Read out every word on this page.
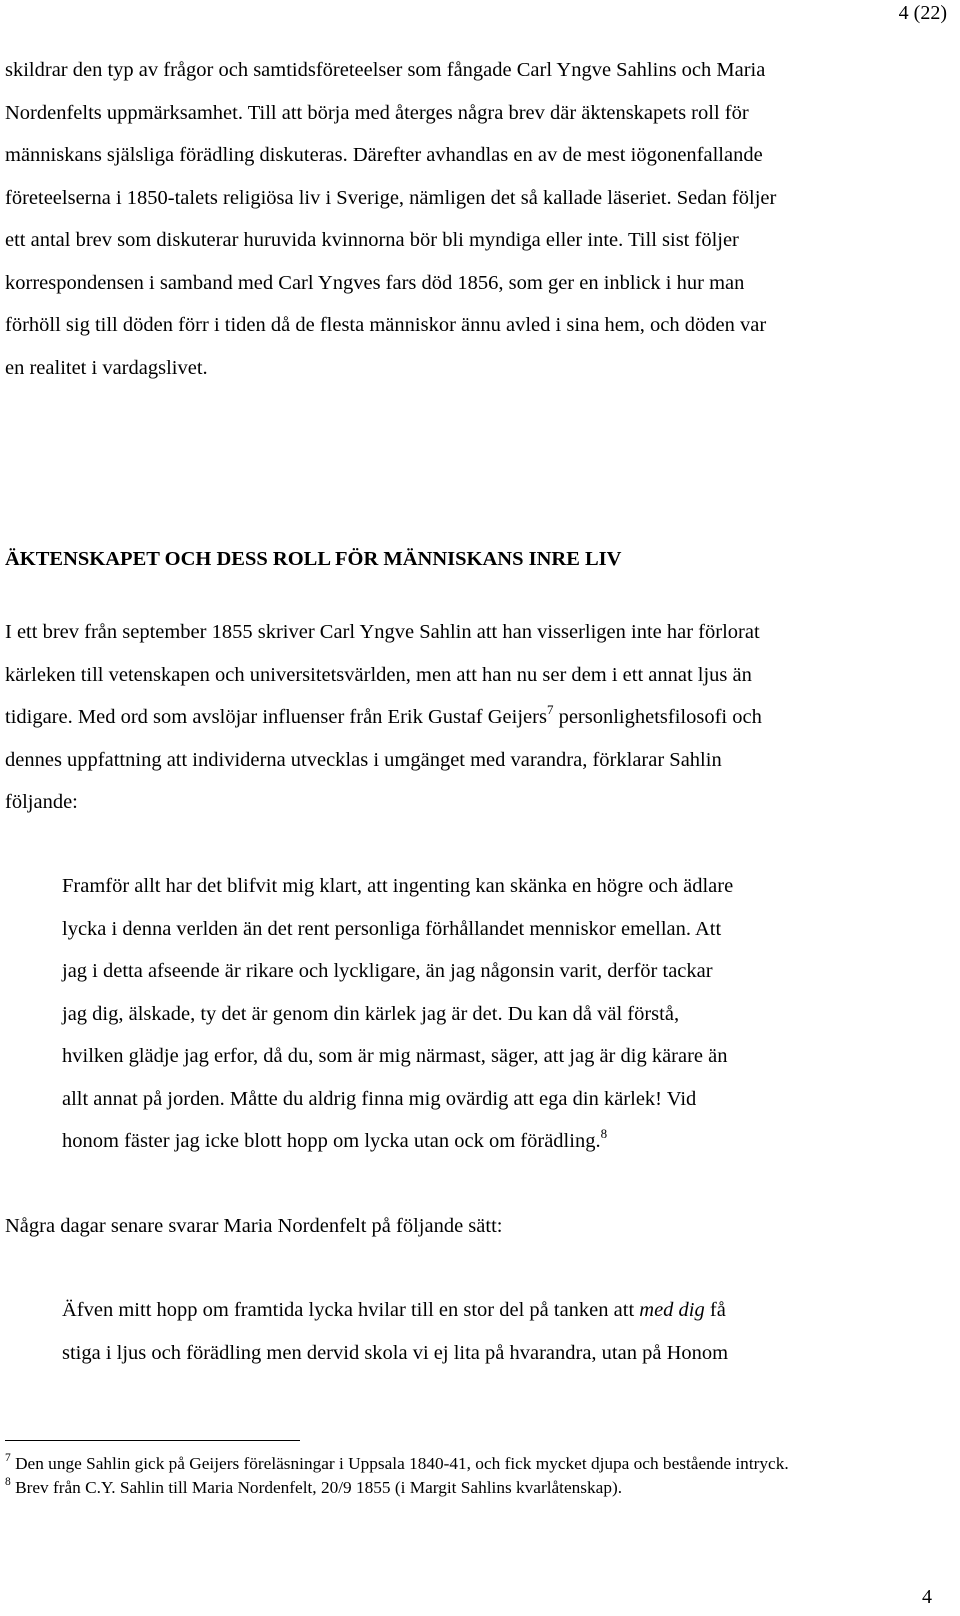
4 (22)
skildrar den typ av frågor och samtidsföreteelser som fångade Carl Yngve Sahlins och Maria
Nordenfelts uppmärksamhet. Till att börja med återges några brev där äktenskapets roll för
människans själsliga förädling diskuteras. Därefter avhandlas en av de mest iögonenfallande
företeelserna i 1850-talets religiösa liv i Sverige, nämligen det så kallade läseriet. Sedan följer
ett antal brev som diskuterar huruvida kvinnorna bör bli myndiga eller inte. Till sist följer
korrespondensen i samband med Carl Yngves fars död 1856, som ger en inblick i hur man
förhöll sig till döden förr i tiden då de flesta människor ännu avled i sina hem, och döden var
en realitet i vardagslivet.
ÄKTENSKAPET OCH DESS ROLL FÖR MÄNNISKANS INRE LIV
I ett brev från september 1855 skriver Carl Yngve Sahlin att han visserligen inte har förlorat
kärleken till vetenskapen och universitetsvärlden, men att han nu ser dem i ett annat ljus än
tidigare. Med ord som avslöjar influenser från Erik Gustaf Geijers$^7$ personlighetsfilosofi och
dennes uppfattning att individerna utvecklas i umgänget med varandra, förklarar Sahlin
följande:
Framför allt har det blifvit mig klart, att ingenting kan skänka en högre och ädlare
lycka i denna verlden än det rent personliga förhållandet menniskor emellan. Att
jag i detta afseende är rikare och lyckligare, än jag någonsin varit, derför tackar
jag dig, älskade, ty det är genom din kärlek jag är det. Du kan då väl förstå,
hvilken glädje jag erfor, då du, som är mig närmast, säger, att jag är dig kärare än
allt annat på jorden. Måtte du aldrig finna mig ovärdig att ega din kärlek! Vid
honom fäster jag icke blott hopp om lycka utan ock om förädling.$^8$
Några dagar senare svarar Maria Nordenfelt på följande sätt:
Äfven mitt hopp om framtida lycka hvilar till en stor del på tanken att med dig få
stiga i ljus och förädling men dervid skola vi ej lita på hvarandra, utan på Honom
$^7$ Den unge Sahlin gick på Geijers föreläsningar i Uppsala 1840-41, och fick mycket djupa och bestående intryck.
$^8$ Brev från C.Y. Sahlin till Maria Nordenfelt, 20/9 1855 (i Margit Sahlins kvarlåtenskap).
4
